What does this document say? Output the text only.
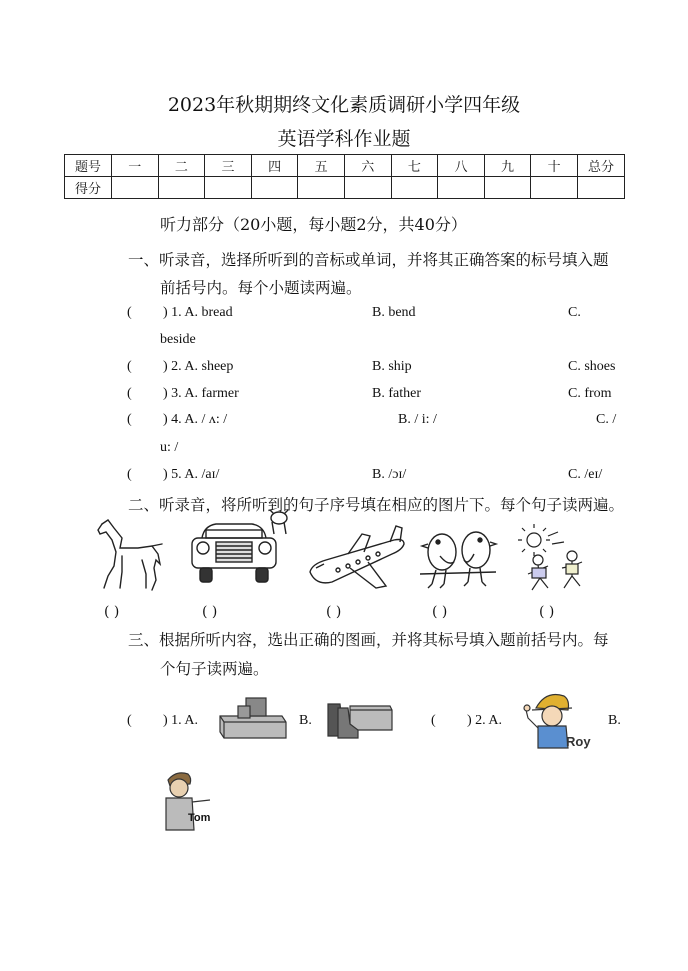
2023年秋期期终文化素质调研小学四年级
英语学科作业题
题号	一	二	三	四	五	六	七	八	九	十	总分
得分											
听力部分（20小题，每小题2分，共40分）
一、听录音，选择所听到的音标或单词，并将其正确答案的标号填入题
前括号内。每个小题读两遍。
( ) 1. A. bread	B. bend	C.
beside
( ) 2. A. sheep	B. ship	C. shoes
( ) 3. A. farmer	B. father	C. from
( ) 4. A. / ʌ: /	B. / i: /	C. /
u: /
( ) 5. A. /aɪ/	B. /ɔɪ/	C. /eɪ/
二、听录音，将所听到的句子序号填在相应的图片下。每个句子读两遍。
( )	( )	( )	( )	( )
三、根据所听内容，选出正确的图画，并将其标号填入题前括号内。每
个句子读两遍。
( ) 1. A.	B.	( ) 2. A.
Roy
B.
Tom
